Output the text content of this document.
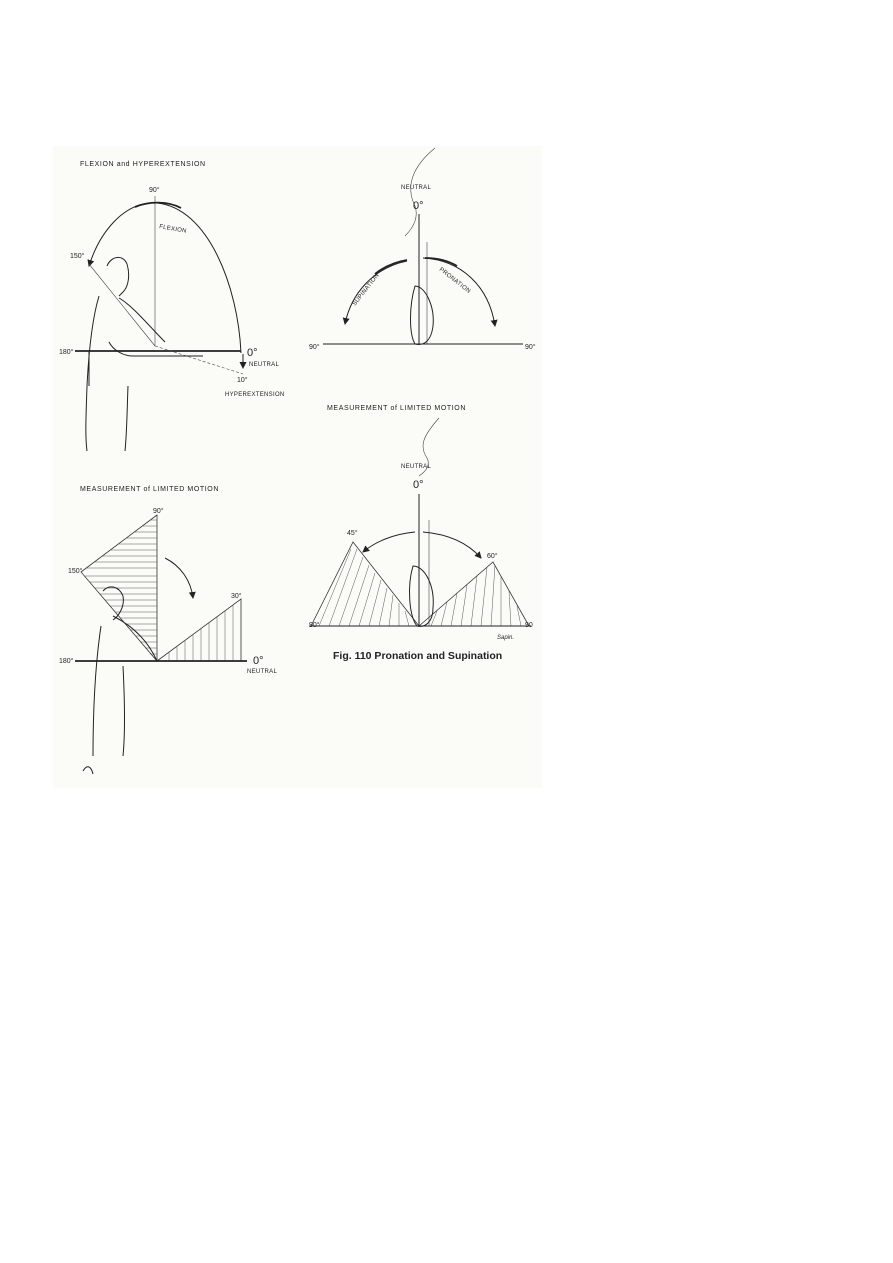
FLEXION and HYPEREXTENSION
90°
FLEXION
150°
180°	0°
NEUTRAL
10°
HYPEREXTENSION
MEASUREMENT of LIMITED MOTION
90°
150°
30°
180°	0°
NEUTRAL
NEUTRAL
0°
SUPINATION	PRONATION
90°	90°
MEASUREMENT of LIMITED MOTION
NEUTRAL
0°
45°
60°
90°	90
Sapin.
Fig. 110 Pronation and Supination
